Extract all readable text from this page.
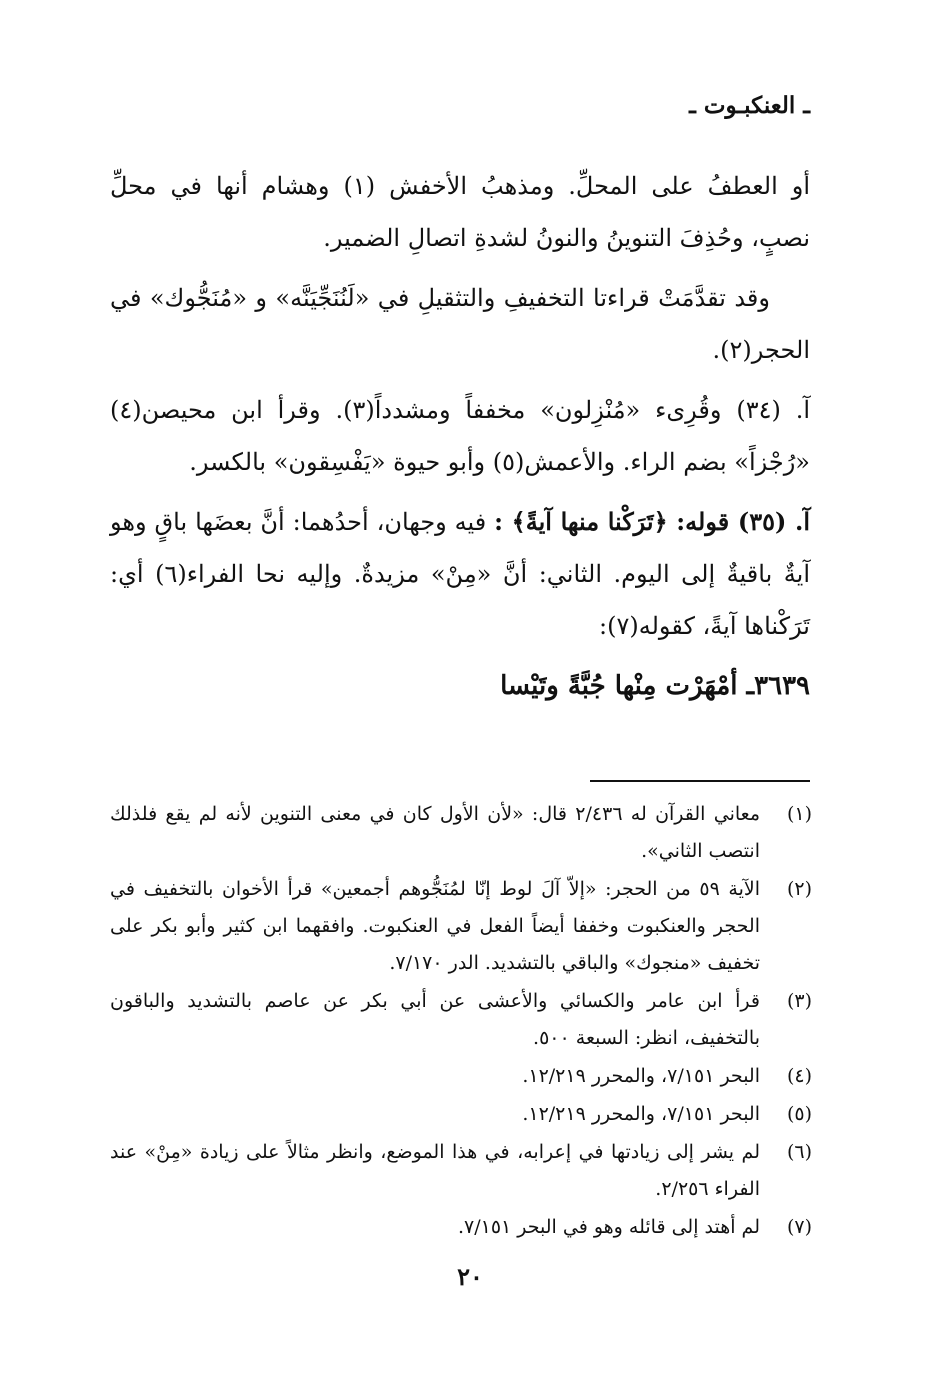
ـ العنكبـوت ـ

أو العطفُ على المحلِّ. ومذهبُ الأخفش (١) وهشام أنها في محلِّ نصبٍ، وحُذِفَ التنوينُ والنونُ لشدةِ اتصالِ الضمير.

وقد تقدَّمَتْ قراءتا التخفيفِ والتثقيلِ في «لَنُنَجِّيَنَّه» و «مُنَجُّوك» في الحجر(٢).

آ. (٣٤) وقُرِىء «مُنْزِلون» مخففاً ومشدداً(٣). وقرأ ابن محيصن(٤) «رُجْزاً» بضم الراء. والأعمش(٥) وأبو حيوة «يَفْسِقون» بالكسر.

آ. (٣٥) قوله: ﴿تَرَكْنا منها آيةً﴾ : فيه وجهان، أحدُهما: أنَّ بعضَها باقٍ وهو آيةٌ باقيةٌ إلى اليوم. الثاني: أنَّ «مِنْ» مزيدةٌ. وإليه نحا الفراء(٦) أي: تَرَكْناها آيةً، كقوله(٧):

٣٦٣٩ـ أمْهَرْت مِنْها جُبَّةً وتَيْسا

(١)
معاني القرآن له ٢/٤٣٦ قال: «لأن الأول كان في معنى التنوين لأنه لم يقع فلذلك انتصب الثاني».
(٢)
الآية ٥٩ من الحجر: «إلاّ آلَ لوط إنّا لمُنَجُّوهم أجمعين» قرأ الأخوان بالتخفيف في الحجر والعنكبوت وخففا أيضاً الفعل في العنكبوت. وافقهما ابن كثير وأبو بكر على تخفيف «منجوك» والباقي بالتشديد. الدر ٧/١٧٠.
(٣)
قرأ ابن عامر والكسائي والأعشى عن أبي بكر عن عاصم بالتشديد والباقون بالتخفيف، انظر: السبعة ٥٠٠.
(٤)
البحر ٧/١٥١، والمحرر ١٢/٢١٩.
(٥)
البحر ٧/١٥١، والمحرر ١٢/٢١٩.
(٦)
لم يشر إلى زيادتها في إعرابه، في هذا الموضع، وانظر مثالاً على زيادة «مِنْ» عند الفراء ٢/٢٥٦.
(٧)
لم أهتد إلى قائله وهو في البحر ٧/١٥١.
٢٠
